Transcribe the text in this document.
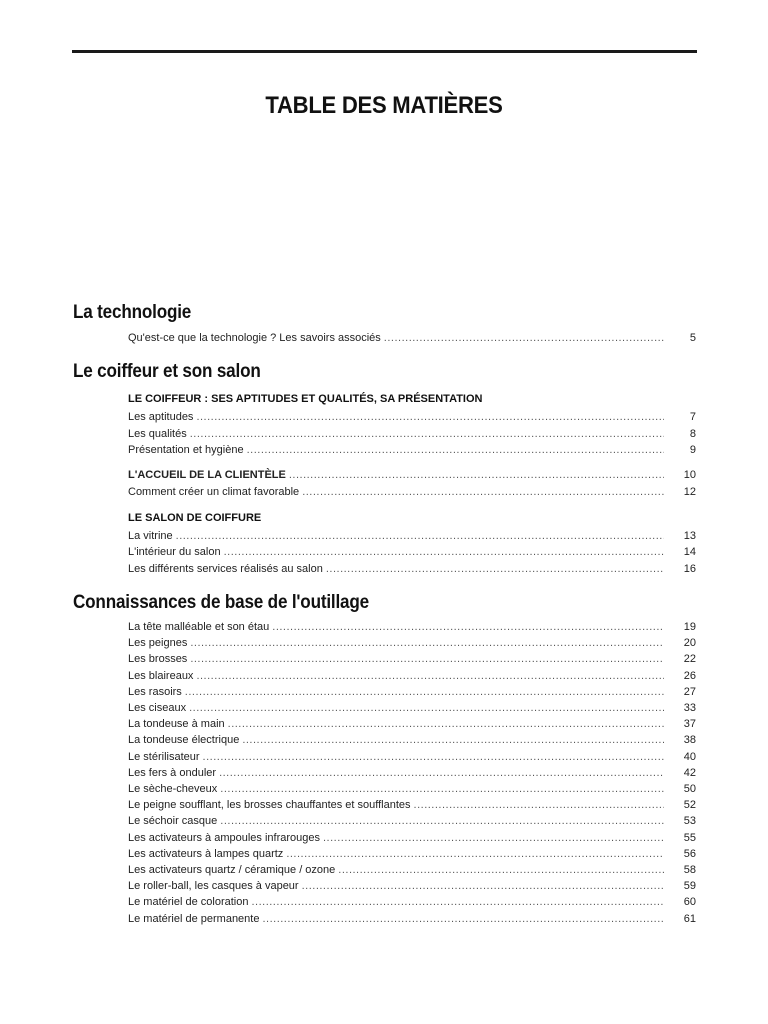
TABLE DES MATIÈRES
La technologie
Qu'est-ce que la technologie ? Les savoirs associés .....	5
Le coiffeur et son salon
LE COIFFEUR : SES APTITUDES ET QUALITÉS, SA PRÉSENTATION
Les aptitudes .....	7
Les qualités .....	8
Présentation et hygiène .....	9
L'ACCUEIL DE LA CLIENTÈLE .....	10
Comment créer un climat favorable .....	12
LE SALON DE COIFFURE
La vitrine .....	13
L'intérieur du salon .....	14
Les différents services réalisés au salon .....	16
Connaissances de base de l'outillage
La tête malléable et son étau .....	19
Les peignes .....	20
Les brosses .....	22
Les blaireaux .....	26
Les rasoirs .....	27
Les ciseaux .....	33
La tondeuse à main .....	37
La tondeuse électrique .....	38
Le stérilisateur .....	40
Les fers à onduler .....	42
Le sèche-cheveux .....	50
Le peigne soufflant, les brosses chauffantes et soufflantes .....	52
Le séchoir casque .....	53
Les activateurs à ampoules infrarouges .....	55
Les activateurs à lampes quartz .....	56
Les activateurs quartz / céramique / ozone .....	58
Le roller-ball, les casques à vapeur .....	59
Le matériel de coloration .....	60
Le matériel de permanente .....	61
